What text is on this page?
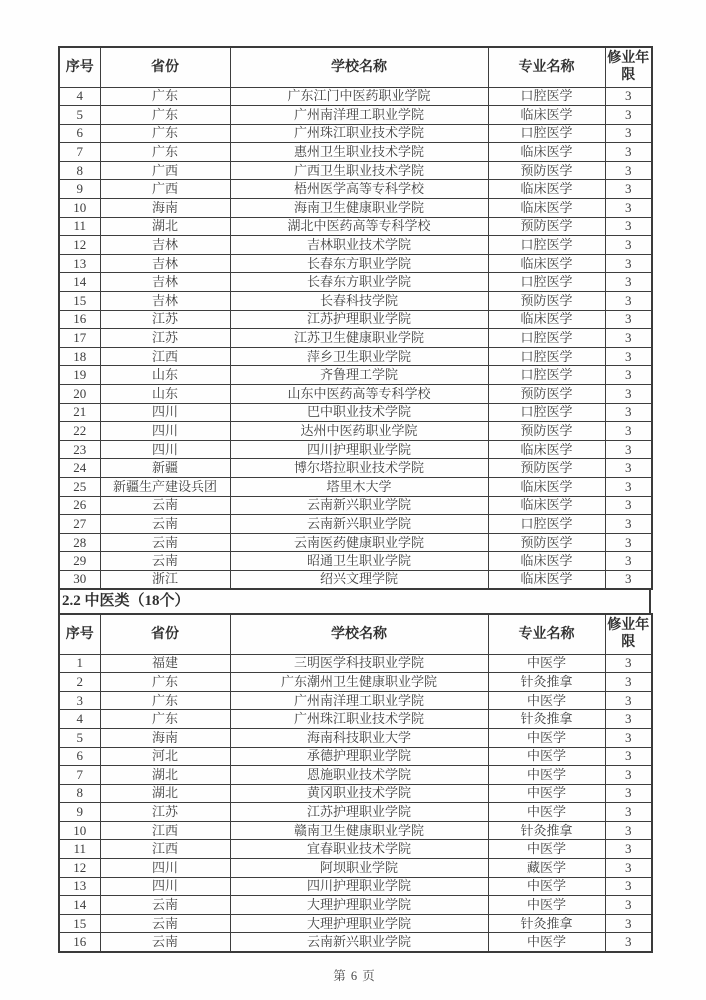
序号	省份	学校名称	专业名称	修业年限
4	广东	广东江门中医药职业学院	口腔医学	3
5	广东	广州南洋理工职业学院	临床医学	3
6	广东	广州珠江职业技术学院	口腔医学	3
7	广东	惠州卫生职业技术学院	临床医学	3
8	广西	广西卫生职业技术学院	预防医学	3
9	广西	梧州医学高等专科学校	临床医学	3
10	海南	海南卫生健康职业学院	临床医学	3
11	湖北	湖北中医药高等专科学校	预防医学	3
12	吉林	吉林职业技术学院	口腔医学	3
13	吉林	长春东方职业学院	临床医学	3
14	吉林	长春东方职业学院	口腔医学	3
15	吉林	长春科技学院	预防医学	3
16	江苏	江苏护理职业学院	临床医学	3
17	江苏	江苏卫生健康职业学院	口腔医学	3
18	江西	萍乡卫生职业学院	口腔医学	3
19	山东	齐鲁理工学院	口腔医学	3
20	山东	山东中医药高等专科学校	预防医学	3
21	四川	巴中职业技术学院	口腔医学	3
22	四川	达州中医药职业学院	预防医学	3
23	四川	四川护理职业学院	临床医学	3
24	新疆	博尔塔拉职业技术学院	预防医学	3
25	新疆生产建设兵团	塔里木大学	临床医学	3
26	云南	云南新兴职业学院	临床医学	3
27	云南	云南新兴职业学院	口腔医学	3
28	云南	云南医药健康职业学院	预防医学	3
29	云南	昭通卫生职业学院	临床医学	3
30	浙江	绍兴文理学院	临床医学	3
2.2 中医类（18个）
序号	省份	学校名称	专业名称	修业年限
1	福建	三明医学科技职业学院	中医学	3
2	广东	广东潮州卫生健康职业学院	针灸推拿	3
3	广东	广州南洋理工职业学院	中医学	3
4	广东	广州珠江职业技术学院	针灸推拿	3
5	海南	海南科技职业大学	中医学	3
6	河北	承德护理职业学院	中医学	3
7	湖北	恩施职业技术学院	中医学	3
8	湖北	黄冈职业技术学院	中医学	3
9	江苏	江苏护理职业学院	中医学	3
10	江西	赣南卫生健康职业学院	针灸推拿	3
11	江西	宜春职业技术学院	中医学	3
12	四川	阿坝职业学院	藏医学	3
13	四川	四川护理职业学院	中医学	3
14	云南	大理护理职业学院	中医学	3
15	云南	大理护理职业学院	针灸推拿	3
16	云南	云南新兴职业学院	中医学	3
第 6 页
